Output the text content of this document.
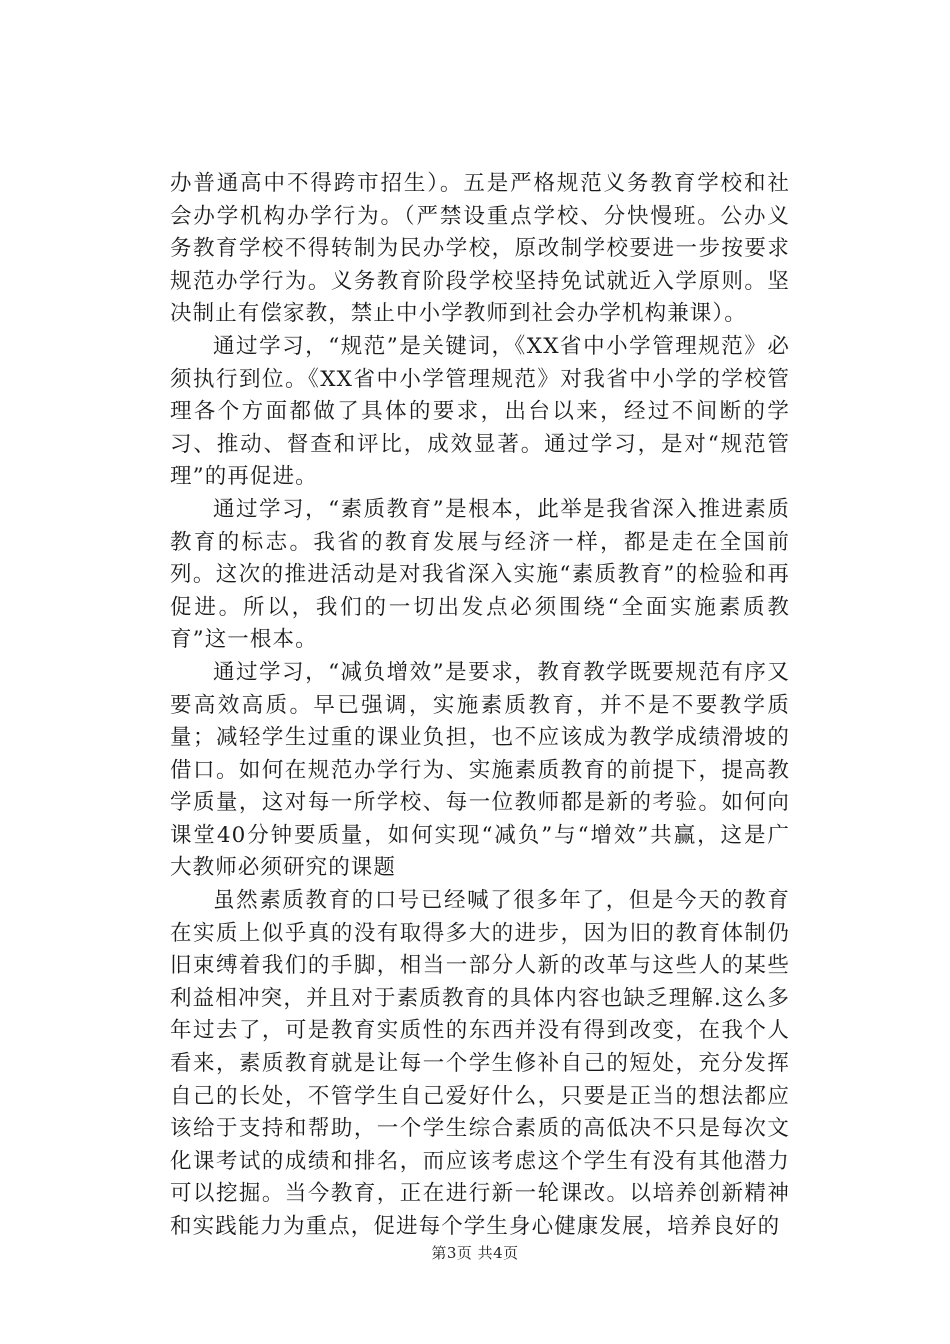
办普通高中不得跨市招生）。五是严格规范义务教育学校和社会办学机构办学行为。（严禁设重点学校、分快慢班。公办义务教育学校不得转制为民办学校，原改制学校要进一步按要求规范办学行为。义务教育阶段学校坚持免试就近入学原则。坚决制止有偿家教，禁止中小学教师到社会办学机构兼课）。

通过学习，“规范”是关键词，《XX省中小学管理规范》必须执行到位。《XX省中小学管理规范》对我省中小学的学校管理各个方面都做了具体的要求，出台以来，经过不间断的学习、推动、督查和评比，成效显著。通过学习，是对“规范管理”的再促进。

通过学习，“素质教育”是根本，此举是我省深入推进素质教育的标志。我省的教育发展与经济一样，都是走在全国前列。这次的推进活动是对我省深入实施“素质教育”的检验和再促进。所以，我们的一切出发点必须围绕“全面实施素质教育”这一根本。

通过学习，“减负增效”是要求，教育教学既要规范有序又要高效高质。早已强调，实施素质教育，并不是不要教学质量；减轻学生过重的课业负担，也不应该成为教学成绩滑坡的借口。如何在规范办学行为、实施素质教育的前提下，提高教学质量，这对每一所学校、每一位教师都是新的考验。如何向课堂40分钟要质量，如何实现“减负”与“增效”共赢，这是广大教师必须研究的课题

虽然素质教育的口号已经喊了很多年了，但是今天的教育在实质上似乎真的没有取得多大的进步，因为旧的教育体制仍旧束缚着我们的手脚，相当一部分人新的改革与这些人的某些利益相冲突，并且对于素质教育的具体内容也缺乏理解.这么多年过去了，可是教育实质性的东西并没有得到改变，在我个人看来，素质教育就是让每一个学生修补自己的短处，充分发挥自己的长处，不管学生自己爱好什么，只要是正当的想法都应该给于支持和帮助，一个学生综合素质的高低决不只是每次文化课考试的成绩和排名，而应该考虑这个学生有没有其他潜力可以挖掘。当今教育，正在进行新一轮课改。以培养创新精神和实践能力为重点，促进每个学生身心健康发展，培养良好的

第3页 共4页
